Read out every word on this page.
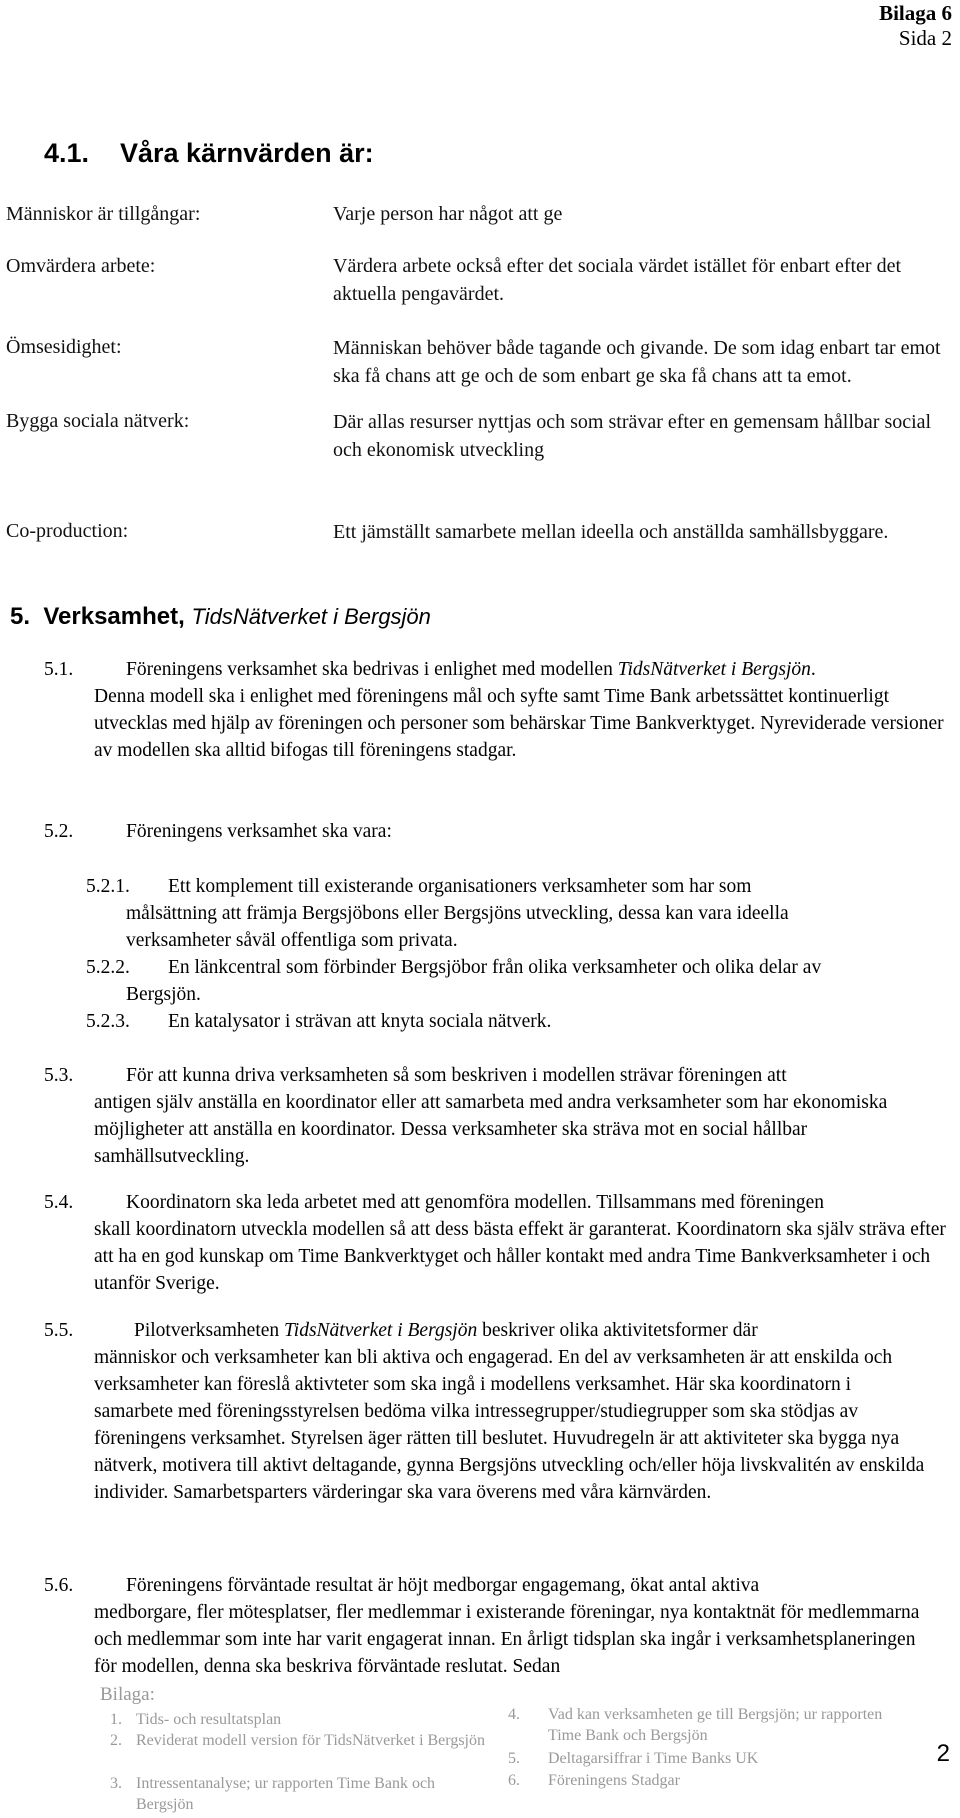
Bilaga 6
Sida 2
4.1. Våra kärnvärden är:
Människor är tillgångar:	Varje person har något att ge
Omvärdera arbete:	Värdera arbete också efter det sociala värdet istället för enbart efter det aktuella pengavärdet.
Ömsesidighet:	Människan behöver både tagande och givande. De som idag enbart tar emot ska få chans att ge och de som enbart ge ska få chans att ta emot.
Bygga sociala nätverk:	Där allas resurser nyttjas och som strävar efter en gemensam hållbar social och ekonomisk utveckling
Co-production:	Ett jämställt samarbete mellan ideella och anställda samhällsbyggare.
5. Verksamhet, TidsNätverket i Bergsjön
5.1.	Föreningens verksamhet ska bedrivas i enlighet med modellen TidsNätverket i Bergsjön.
Denna modell ska i enlighet med föreningens mål och syfte samt Time Bank arbetssättet kontinuerligt utvecklas med hjälp av föreningen och personer som behärskar Time Bankverktyget. Nyreviderade versioner av modellen ska alltid bifogas till föreningens stadgar.
5.2.	Föreningens verksamhet ska vara:
5.2.1. Ett komplement till existerande organisationers verksamheter som har som
målsättning att främja Bergsjöbons eller Bergsjöns utveckling, dessa kan vara ideella verksamheter såväl offentliga som privata.
5.2.2. En länkcentral som förbinder Bergsjöbor från olika verksamheter och olika delar av
Bergsjön.
5.2.3. En katalysator i strävan att knyta sociala nätverk.
5.3.	För att kunna driva verksamheten så som beskriven i modellen strävar föreningen att
antigen själv anställa en koordinator eller att samarbeta med andra verksamheter som har ekonomiska möjligheter att anställa en koordinator. Dessa verksamheter ska sträva mot en social hållbar samhällsutveckling.
5.4.	Koordinatorn ska leda arbetet med att genomföra modellen. Tillsammans med föreningen
skall koordinatorn utveckla modellen så att dess bästa effekt är garanterat. Koordinatorn ska själv sträva efter att ha en god kunskap om Time Bankverktyget och håller kontakt med andra Time Bankverksamheter i och utanför Sverige.
5.5.	Pilotverksamheten TidsNätverket i Bergsjön beskriver olika aktivitetsformer där
människor och verksamheter kan bli aktiva och engagerad. En del av verksamheten är att enskilda och verksamheter kan föreslå aktivteter som ska ingå i modellens verksamhet. Här ska koordinatorn i samarbete med föreningsstyrelsen bedöma vilka intressegrupper/studiegrupper som ska stödjas av föreningens verksamhet. Styrelsen äger rätten till beslutet. Huvudregeln är att aktiviteter ska bygga nya nätverk, motivera till aktivt deltagande, gynna Bergsjöns utveckling och/eller höja livskvalitén av enskilda individer. Samarbetsparters värderingar ska vara överens med våra kärnvärden.
5.6.	Föreningens förväntade resultat är höjt medborgar engagemang, ökat antal aktiva
medborgare, fler mötesplatser, fler medlemmar i existerande föreningar, nya kontaktnät för medlemmarna och medlemmar som inte har varit engagerat innan. En årligt tidsplan ska ingår i verksamhetsplaneringen för modellen, denna ska beskriva förväntade reslutat. Sedan
Bilaga:
1. Tids- och resultatsplan
2. Reviderat modell version för TidsNätverket i Bergsjön
3. Intressentanalyse; ur rapporten Time Bank och Bergsjön
4. Vad kan verksamheten ge till Bergsjön; ur rapporten Time Bank och Bergsjön
5. Deltagarsiffrar i Time Banks UK
6. Föreningens Stadgar
2
